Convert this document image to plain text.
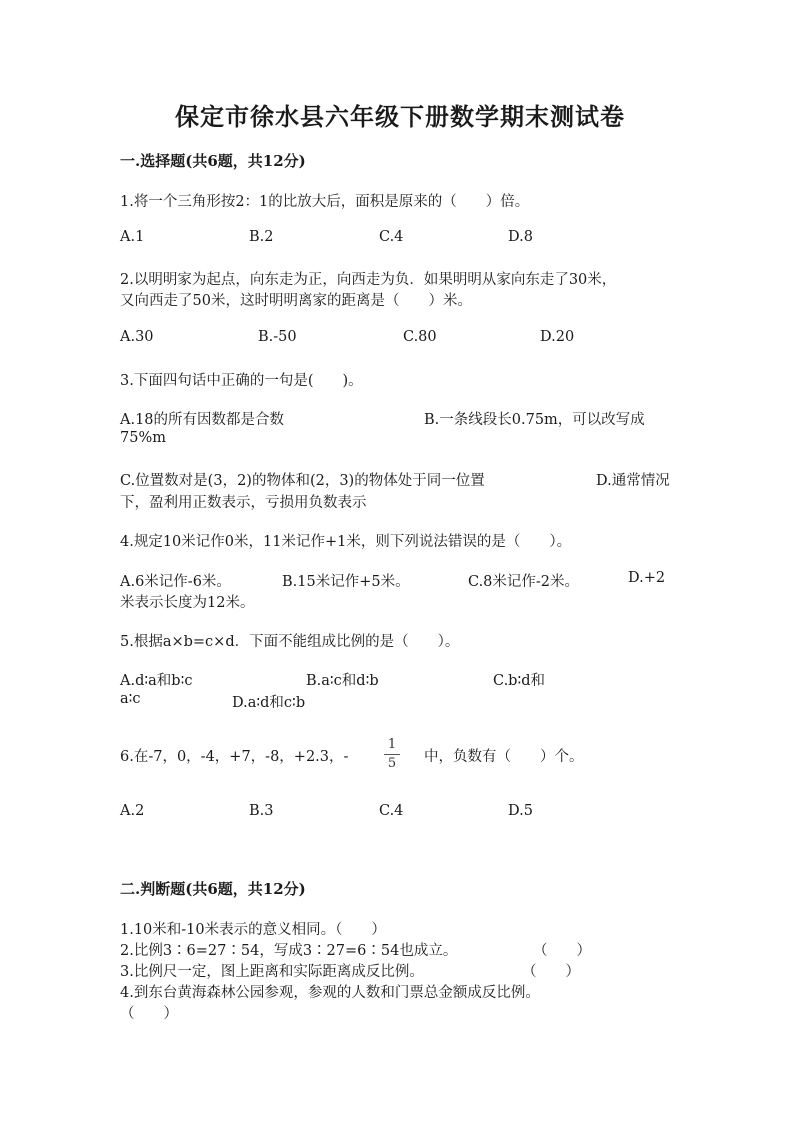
保定市徐水县六年级下册数学期末测试卷
一.选择题(共6题，共12分)
1.将一个三角形按2：1的比放大后，面积是原来的（　　）倍。
A.1	B.2	C.4	D.8
2.以明明家为起点，向东走为正，向西走为负．如果明明从家向东走了30米，
又向西走了50米，这时明明离家的距离是（　　）米。
A.30	B.-50	C.80	D.20
3.下面四句话中正确的一句是(　　)。
A.18的所有因数都是合数	B.一条线段长0.75m，可以改写成
75%m
C.位置数对是(3，2)的物体和(2，3)的物体处于同一位置	D.通常情况
下，盈利用正数表示，亏损用负数表示
4.规定10米记作0米，11米记作+1米，则下列说法错误的是（　　）。
A.6米记作-6米。	B.15米记作+5米。	C.8米记作-2米。	D.+2
米表示长度为12米。
5.根据a×b=c×d．下面不能组成比例的是（　　）。
A.d∶a和b∶c	B.a∶c和d∶b	C.b∶d和
a∶c	D.a∶d和c∶b
6.在-7，0，-4，+7，-8，+2.3，-
1
5 中，负数有（　　）个。
A.2	B.3	C.4	D.5
二.判断题(共6题，共12分)
1.10米和-10米表示的意义相同。（　　）
2.比例3∶6=27∶54，写成3∶27=6∶54也成立。	（　　）
3.比例尺一定，图上距离和实际距离成反比例。	（　　）
4.到东台黄海森林公园参观，参观的人数和门票总金额成反比例。
（　　）
